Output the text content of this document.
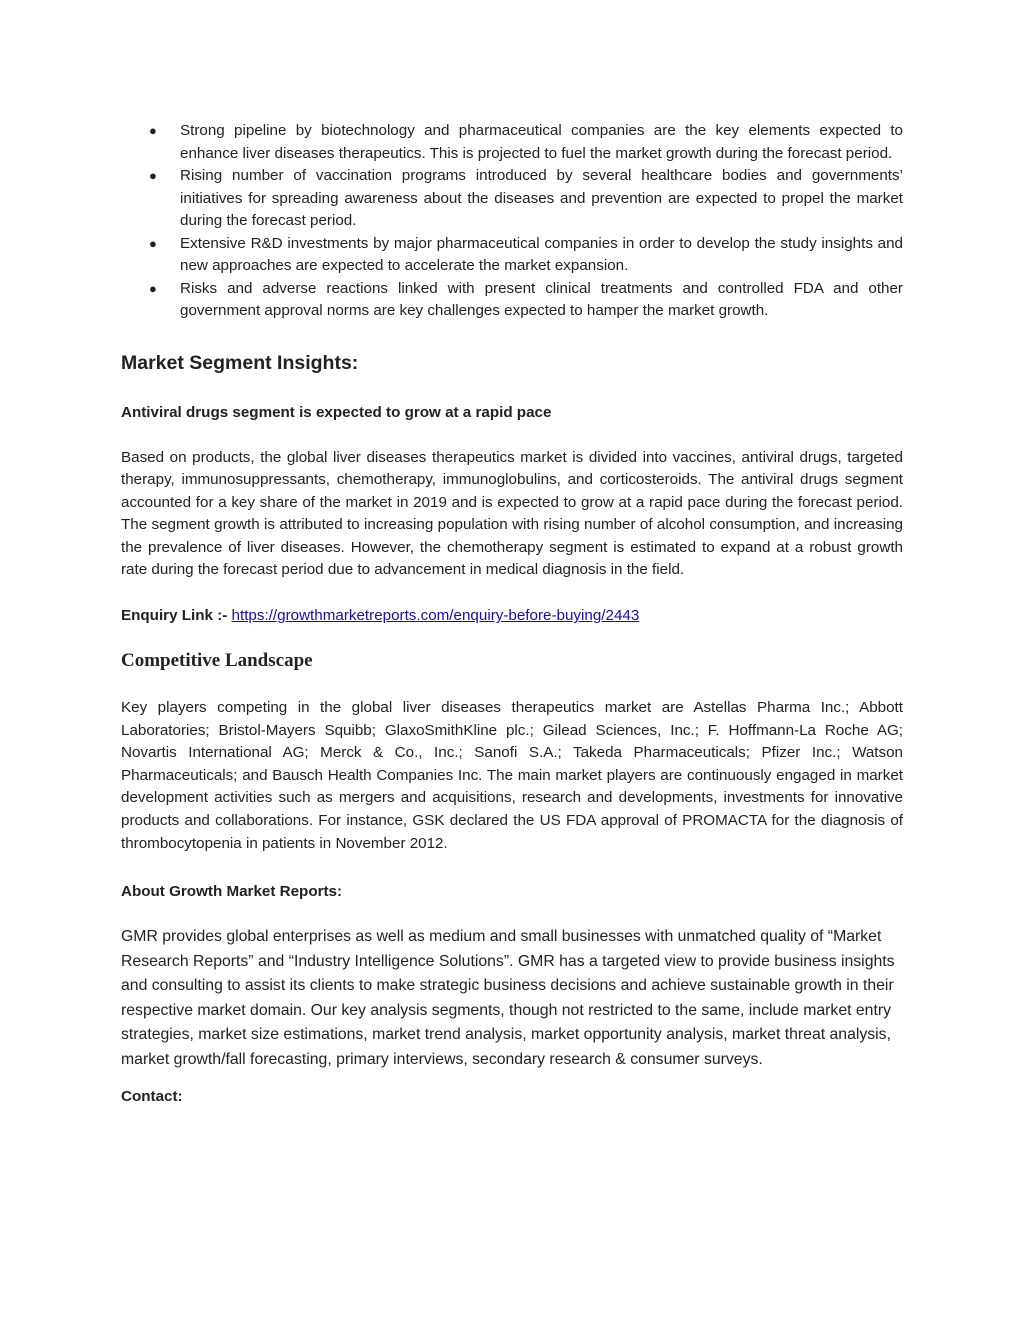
● Strong pipeline by biotechnology and pharmaceutical companies are the key elements expected to enhance liver diseases therapeutics. This is projected to fuel the market growth during the forecast period.
● Rising number of vaccination programs introduced by several healthcare bodies and governments’ initiatives for spreading awareness about the diseases and prevention are expected to propel the market during the forecast period.
● Extensive R&D investments by major pharmaceutical companies in order to develop the study insights and new approaches are expected to accelerate the market expansion.
● Risks and adverse reactions linked with present clinical treatments and controlled FDA and other government approval norms are key challenges expected to hamper the market growth.
Market Segment Insights:
Antiviral drugs segment is expected to grow at a rapid pace

Based on products, the global liver diseases therapeutics market is divided into vaccines, antiviral drugs, targeted therapy, immunosuppressants, chemotherapy, immunoglobulins, and corticosteroids. The antiviral drugs segment accounted for a key share of the market in 2019 and is expected to grow at a rapid pace during the forecast period. The segment growth is attributed to increasing population with rising number of alcohol consumption, and increasing the prevalence of liver diseases. However, the chemotherapy segment is estimated to expand at a robust growth rate during the forecast period due to advancement in medical diagnosis in the field.

Enquiry Link :- https://growthmarketreports.com/enquiry-before-buying/2443

Competitive Landscape

Key players competing in the global liver diseases therapeutics market are Astellas Pharma Inc.; Abbott Laboratories; Bristol-Mayers Squibb; GlaxoSmithKline plc.; Gilead Sciences, Inc.; F. Hoffmann-La Roche AG; Novartis International AG; Merck & Co., Inc.; Sanofi S.A.; Takeda Pharmaceuticals; Pfizer Inc.; Watson Pharmaceuticals; and Bausch Health Companies Inc. The main market players are continuously engaged in market development activities such as mergers and acquisitions, research and developments, investments for innovative products and collaborations. For instance, GSK declared the US FDA approval of PROMACTA for the diagnosis of thrombocytopenia in patients in November 2012.

About Growth Market Reports:

GMR provides global enterprises as well as medium and small businesses with unmatched quality of “Market Research Reports” and “Industry Intelligence Solutions”. GMR has a targeted view to provide business insights and consulting to assist its clients to make strategic business decisions and achieve sustainable growth in their respective market domain. Our key analysis segments, though not restricted to the same, include market entry strategies, market size estimations, market trend analysis, market opportunity analysis, market threat analysis, market growth/fall forecasting, primary interviews, secondary research & consumer surveys.

Contact:
